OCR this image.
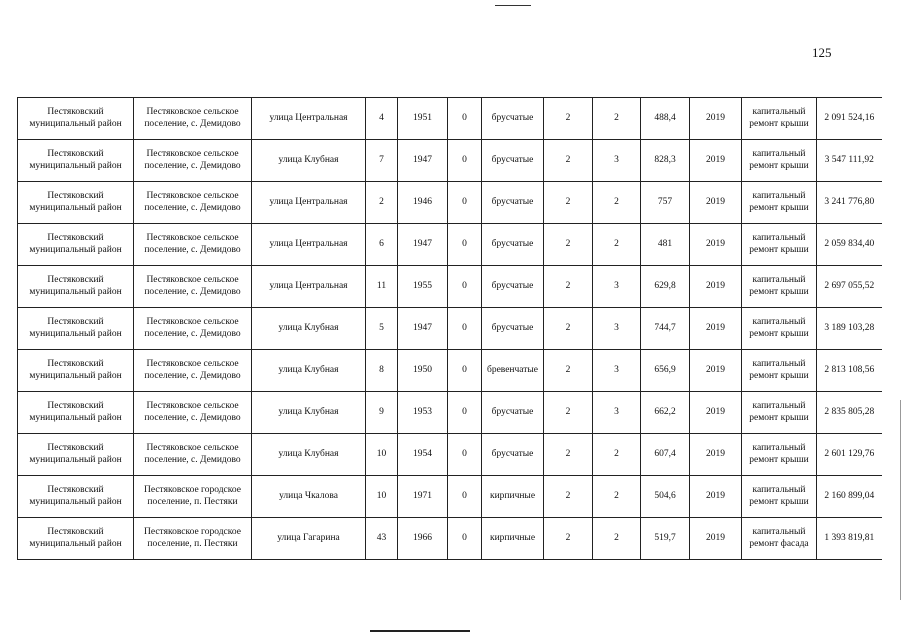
125
Пестяковский муниципальный район	Пестяковское сельское поселение, с. Демидово	улица Центральная	4	1951	0	брусчатые	2	2	488,4	2019	капитальный ремонт крыши	2 091 524,16
Пестяковский муниципальный район	Пестяковское сельское поселение, с. Демидово	улица Клубная	7	1947	0	брусчатые	2	3	828,3	2019	капитальный ремонт крыши	3 547 111,92
Пестяковский муниципальный район	Пестяковское сельское поселение, с. Демидово	улица Центральная	2	1946	0	брусчатые	2	2	757	2019	капитальный ремонт крыши	3 241 776,80
Пестяковский муниципальный район	Пестяковское сельское поселение, с. Демидово	улица Центральная	6	1947	0	брусчатые	2	2	481	2019	капитальный ремонт крыши	2 059 834,40
Пестяковский муниципальный район	Пестяковское сельское поселение, с. Демидово	улица Центральная	11	1955	0	брусчатые	2	3	629,8	2019	капитальный ремонт крыши	2 697 055,52
Пестяковский муниципальный район	Пестяковское сельское поселение, с. Демидово	улица Клубная	5	1947	0	брусчатые	2	3	744,7	2019	капитальный ремонт крыши	3 189 103,28
Пестяковский муниципальный район	Пестяковское сельское поселение, с. Демидово	улица Клубная	8	1950	0	бревенчатые	2	3	656,9	2019	капитальный ремонт крыши	2 813 108,56
Пестяковский муниципальный район	Пестяковское сельское поселение, с. Демидово	улица Клубная	9	1953	0	брусчатые	2	3	662,2	2019	капитальный ремонт крыши	2 835 805,28
Пестяковский муниципальный район	Пестяковское сельское поселение, с. Демидово	улица Клубная	10	1954	0	брусчатые	2	2	607,4	2019	капитальный ремонт крыши	2 601 129,76
Пестяковский муниципальный район	Пестяковское городское поселение, п. Пестяки	улица Чкалова	10	1971	0	кирпичные	2	2	504,6	2019	капитальный ремонт крыши	2 160 899,04
Пестяковский муниципальный район	Пестяковское городское поселение, п. Пестяки	улица Гагарина	43	1966	0	кирпичные	2	2	519,7	2019	капитальный ремонт фасада	1 393 819,81
